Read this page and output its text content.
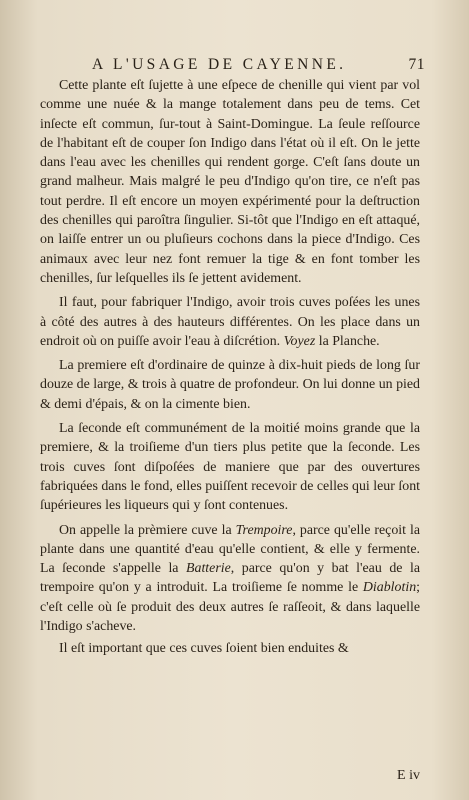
A L'USAGE DE CAYENNE.	71

Cette plante eſt ſujette à une eſpece de chenille qui vient par vol comme une nuée & la mange totalement dans peu de tems. Cet inſecte eſt commun, ſur-tout à Saint-Domingue. La ſeule reſſource de l'habitant eſt de couper ſon Indigo dans l'état où il eſt. On le jette dans l'eau avec les chenilles qui rendent gorge. C'eſt ſans doute un grand malheur. Mais malgré le peu d'Indigo qu'on tire, ce n'eſt pas tout perdre. Il eſt encore un moyen expérimenté pour la deſtruction des chenilles qui paroîtra ſingulier. Si-tôt que l'Indigo en eſt attaqué, on laiſſe entrer un ou pluſieurs cochons dans la piece d'Indigo. Ces animaux avec leur nez font remuer la tige & en font tomber les chenilles, ſur leſquelles ils ſe jettent avidement.

Il faut, pour fabriquer l'Indigo, avoir trois cuves poſées les unes à côté des autres à des hauteurs différentes. On les place dans un endroit où on puiſſe avoir l'eau à diſcrétion. Voyez la Planche.

La premiere eſt d'ordinaire de quinze à dix-huit pieds de long ſur douze de large, & trois à quatre de profondeur. On lui donne un pied & demi d'épais, & on la cimente bien.

La ſeconde eſt communément de la moitié moins grande que la premiere, & la troiſieme d'un tiers plus petite que la ſeconde. Les trois cuves ſont diſpoſées de maniere que par des ouvertures fabriquées dans le fond, elles puiſſent recevoir de celles qui leur ſont ſupérieures les liqueurs qui y ſont contenues.

On appelle la prèmiere cuve la Trempoire, parce qu'elle reçoit la plante dans une quantité d'eau qu'elle contient, & elle y fermente. La ſeconde s'appelle la Batterie, parce qu'on y bat l'eau de la trempoire qu'on y a introduit. La troiſieme ſe nomme le Diablotin; c'eſt celle où ſe produit des deux autres ſe raſſeoit, & dans laquelle l'Indigo s'acheve.

Il eſt important que ces cuves ſoient bien enduites &

E iv
